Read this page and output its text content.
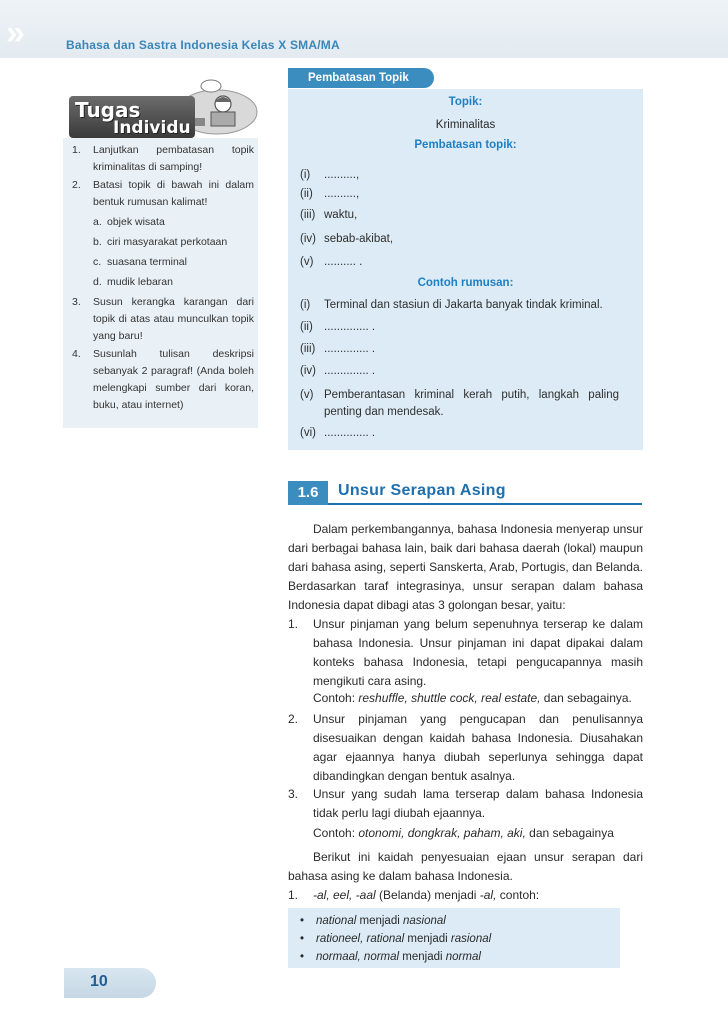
»	Bahasa dan Sastra Indonesia Kelas X SMA/MA
Tugas
Individu
1. Lanjutkan pembatasan topik kriminalitas di samping!
2. Batasi topik di bawah ini dalam bentuk rumusan kalimat!
a. objek wisata
b. ciri masyarakat perkotaan
c. suasana terminal
d. mudik lebaran
3. Susun kerangka karangan dari topik di atas atau munculkan topik yang baru!
4. Susunlah tulisan deskripsi sebanyak 2 paragraf! (Anda boleh melengkapi sumber dari koran, buku, atau internet)
Pembatasan Topik
Topik:
Kriminalitas
Pembatasan topik:
(i) ..........,
(ii) ..........,
(iii) waktu,
(iv) sebab-akibat,
(v) .......... .
Contoh rumusan:
(i) Terminal dan stasiun di Jakarta banyak tindak kriminal.
(ii) .............. .
(iii) .............. .
(iv) .............. .
(v) Pemberantasan kriminal kerah putih, langkah paling penting dan mendesak.
(vi) .............. .
1.6	Unsur Serapan Asing
Dalam perkembangannya, bahasa Indonesia menyerap unsur dari berbagai bahasa lain, baik dari bahasa daerah (lokal) maupun dari bahasa asing, seperti Sanskerta, Arab, Portugis, dan Belanda. Berdasarkan taraf integrasinya, unsur serapan dalam bahasa Indonesia dapat dibagi atas 3 golongan besar, yaitu:
1. Unsur pinjaman yang belum sepenuhnya terserap ke dalam bahasa Indonesia. Unsur pinjaman ini dapat dipakai dalam konteks bahasa Indonesia, tetapi pengucapannya masih mengikuti cara asing.
Contoh: reshuffle, shuttle cock, real estate, dan sebagainya.
2. Unsur pinjaman yang pengucapan dan penulisannya disesuaikan dengan kaidah bahasa Indonesia. Diusahakan agar ejaannya hanya diubah seperlunya sehingga dapat dibandingkan dengan bentuk asalnya.
3. Unsur yang sudah lama terserap dalam bahasa Indonesia tidak perlu lagi diubah ejaannya.
Contoh: otonomi, dongkrak, paham, aki, dan sebagainya
Berikut ini kaidah penyesuaian ejaan unsur serapan dari bahasa asing ke dalam bahasa Indonesia.
1. -al, eel, -aal (Belanda) menjadi -al, contoh:
• national menjadi nasional
• rationeel, rational menjadi rasional
• normaal, normal menjadi normal
10
